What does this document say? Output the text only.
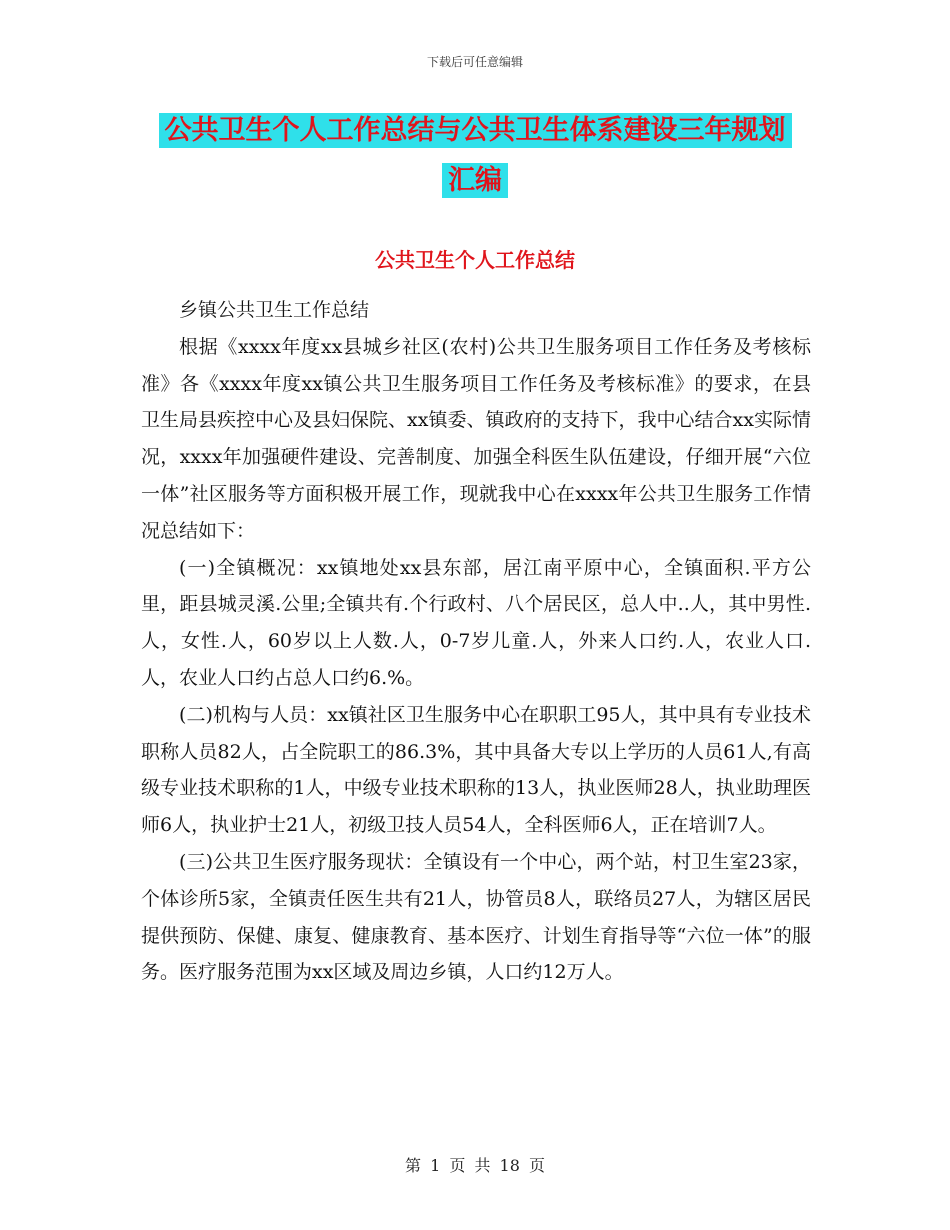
下载后可任意编辑
公共卫生个人工作总结与公共卫生体系建设三年规划
汇编
公共卫生个人工作总结

乡镇公共卫生工作总结

根据《xxxx年度xx县城乡社区(农村)公共卫生服务项目工作任务及考核标准》各《xxxx年度xx镇公共卫生服务项目工作任务及考核标准》的要求，在县卫生局县疾控中心及县妇保院、xx镇委、镇政府的支持下，我中心结合xx实际情况，xxxx年加强硬件建设、完善制度、加强全科医生队伍建设，仔细开展“六位一体”社区服务等方面积极开展工作，现就我中心在xxxx年公共卫生服务工作情况总结如下：

(一)全镇概况：xx镇地处xx县东部，居江南平原中心，全镇面积.平方公里，距县城灵溪.公里;全镇共有.个行政村、八个居民区，总人中..人，其中男性.人，女性.人，60岁以上人数.人，0-7岁儿童.人，外来人口约.人，农业人口.人，农业人口约占总人口约6.%。

(二)机构与人员：xx镇社区卫生服务中心在职职工95人，其中具有专业技术职称人员82人，占全院职工的86.3%，其中具备大专以上学历的人员61人,有高级专业技术职称的1人，中级专业技术职称的13人，执业医师28人，执业助理医师6人，执业护士21人，初级卫技人员54人，全科医师6人，正在培训7人。

(三)公共卫生医疗服务现状：全镇设有一个中心，两个站，村卫生室23家，个体诊所5家，全镇责任医生共有21人，协管员8人，联络员27人，为辖区居民提供预防、保健、康复、健康教育、基本医疗、计划生育指导等“六位一体”的服务。医疗服务范围为xx区域及周边乡镇，人口约12万人。

第 1 页 共 18 页
